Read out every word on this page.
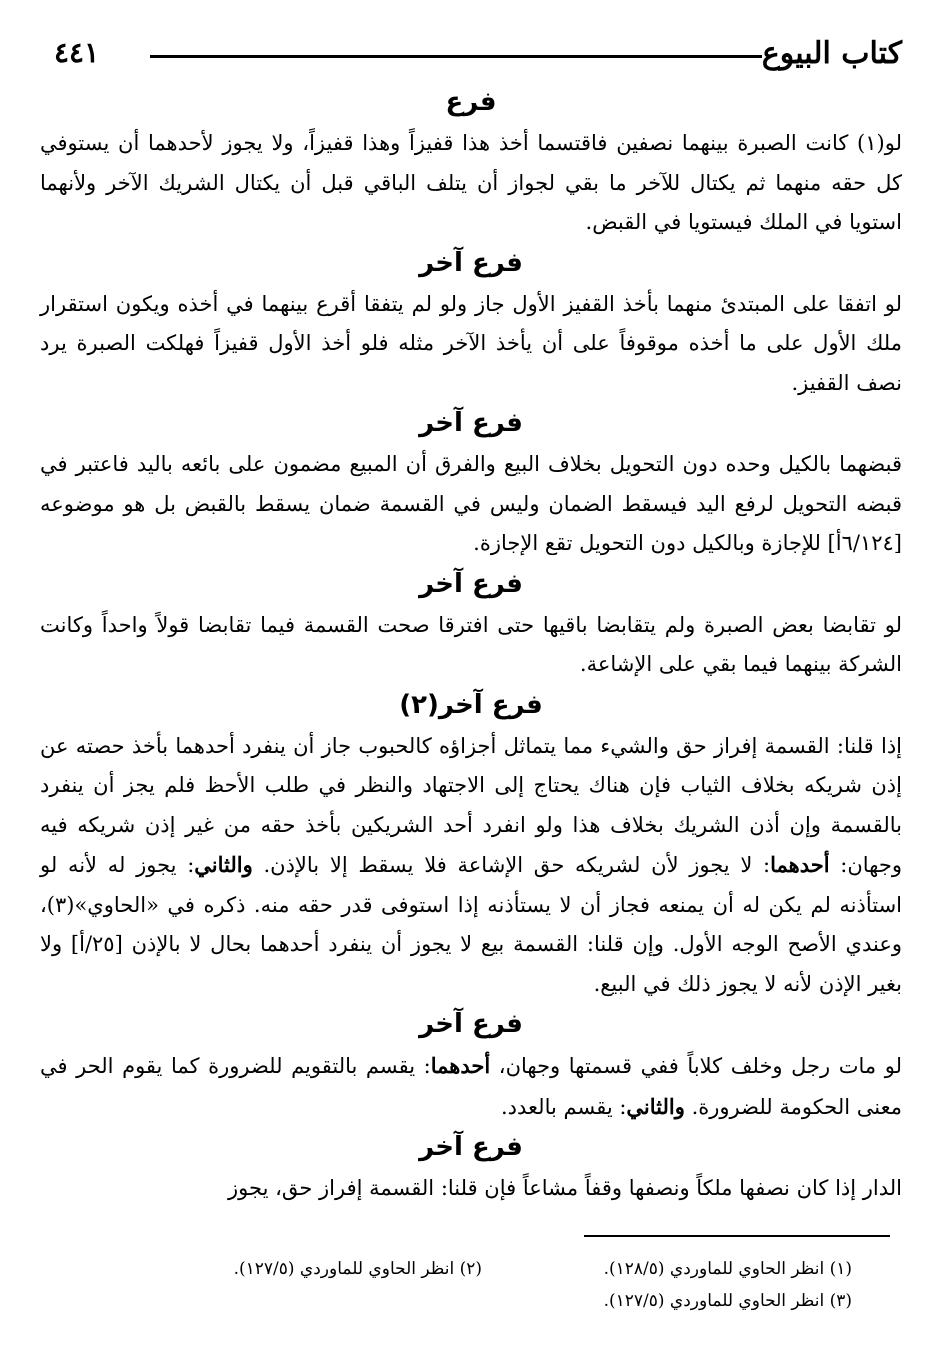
كتاب البيوع
٤٤١
فرع

لو(١) كانت الصبرة بينهما نصفين فاقتسما أخذ هذا قفيزاً وهذا قفيزاً، ولا يجوز لأحدهما أن يستوفي كل حقه منهما ثم يكتال للآخر ما بقي لجواز أن يتلف الباقي قبل أن يكتال الشريك الآخر ولأنهما استويا في الملك فيستويا في القبض.

فرع آخر

لو اتفقا على المبتدئ منهما بأخذ القفيز الأول جاز ولو لم يتفقا أقرع بينهما في أخذه ويكون استقرار ملك الأول على ما أخذه موقوفاً على أن يأخذ الآخر مثله فلو أخذ الأول قفيزاً فهلكت الصبرة يرد نصف القفيز.

فرع آخر

قبضهما بالكيل وحده دون التحويل بخلاف البيع والفرق أن المبيع مضمون على بائعه باليد فاعتبر في قبضه التحويل لرفع اليد فيسقط الضمان وليس في القسمة ضمان يسقط بالقبض بل هو موضوعه [٦/١٢٤أ] للإجازة وبالكيل دون التحويل تقع الإجازة.

فرع آخر

لو تقابضا بعض الصبرة ولم يتقابضا باقيها حتى افترقا صحت القسمة فيما تقابضا قولاً واحداً وكانت الشركة بينهما فيما بقي على الإشاعة.

فرع آخر(٢)

إذا قلنا: القسمة إفراز حق والشيء مما يتماثل أجزاؤه كالحبوب جاز أن ينفرد أحدهما بأخذ حصته عن إذن شريكه بخلاف الثياب فإن هناك يحتاج إلى الاجتهاد والنظر في طلب الأحظ فلم يجز أن ينفرد بالقسمة وإن أذن الشريك بخلاف هذا ولو انفرد أحد الشريكين بأخذ حقه من غير إذن شريكه فيه وجهان: أحدهما: لا يجوز لأن لشريكه حق الإشاعة فلا يسقط إلا بالإذن. والثاني: يجوز له لأنه لو استأذنه لم يكن له أن يمنعه فجاز أن لا يستأذنه إذا استوفى قدر حقه منه. ذكره في «الحاوي»(٣)، وعندي الأصح الوجه الأول. وإن قلنا: القسمة بيع لا يجوز أن ينفرد أحدهما بحال لا بالإذن [٢٥/أ] ولا بغير الإذن لأنه لا يجوز ذلك في البيع.

فرع آخر

لو مات رجل وخلف كلاباً ففي قسمتها وجهان، أحدهما: يقسم بالتقويم للضرورة كما يقوم الحر في معنى الحكومة للضرورة. والثاني: يقسم بالعدد.

فرع آخر

الدار إذا كان نصفها ملكاً ونصفها وقفاً مشاعاً فإن قلنا: القسمة إفراز حق، يجوز

(١) انظر الحاوي للماوردي (١٢٨/٥).
(٢) انظر الحاوي للماوردي (١٢٧/٥).
(٣) انظر الحاوي للماوردي (١٢٧/٥).
